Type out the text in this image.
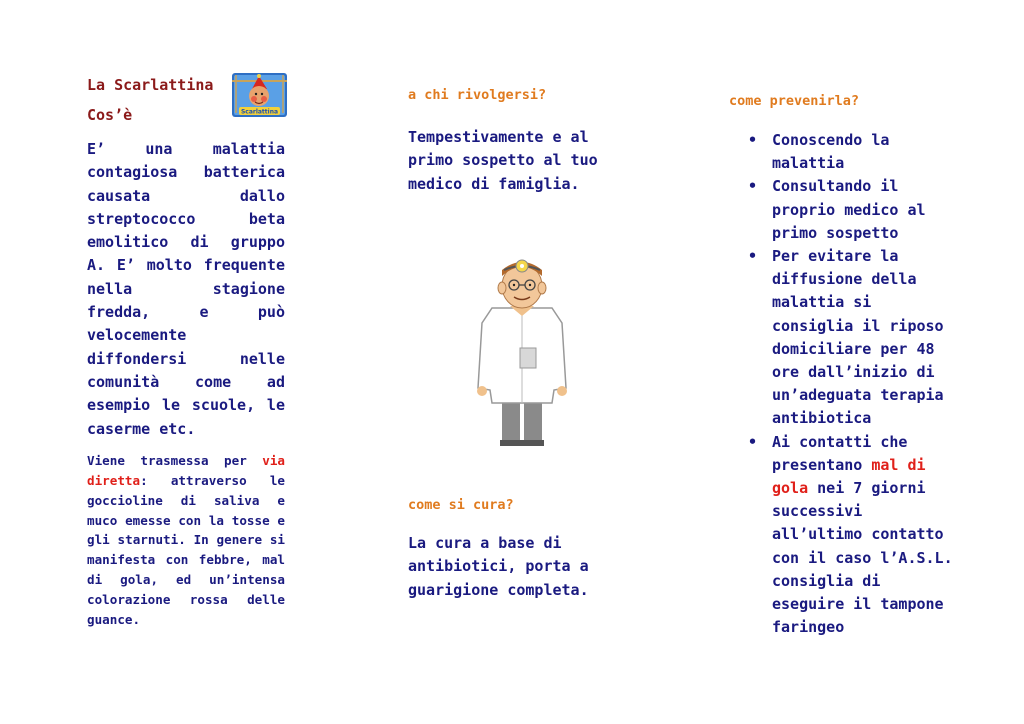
La Scarlattina

Cos’è

E’ una malattia contagiosa batterica causata dallo streptococco beta emolitico di gruppo A. E’ molto frequente nella stagione fredda, e può velocemente diffondersi nelle comunità come ad esempio le scuole, le caserme etc.

Viene trasmessa per via diretta: attraverso le goccioline di saliva e muco emesse con la tosse e gli starnuti. In genere si manifesta con febbre, mal di gola, ed un’intensa colorazione rossa delle guance.

Scarlattina

a chi rivolgersi?

Tempestivamente e al primo sospetto al tuo medico di famiglia.

come si cura?

La cura a base di antibiotici, porta a guarigione completa.

come prevenirla?

• Conoscendo la malattia
• Consultando il proprio medico al primo sospetto
• Per evitare la diffusione della malattia si consiglia il riposo domiciliare per 48 ore dall’inizio di un’adeguata terapia antibiotica
• Ai contatti che presentano mal di gola nei 7 giorni successivi all’ultimo contatto con il caso l’A.S.L. consiglia di eseguire il tampone faringeo
